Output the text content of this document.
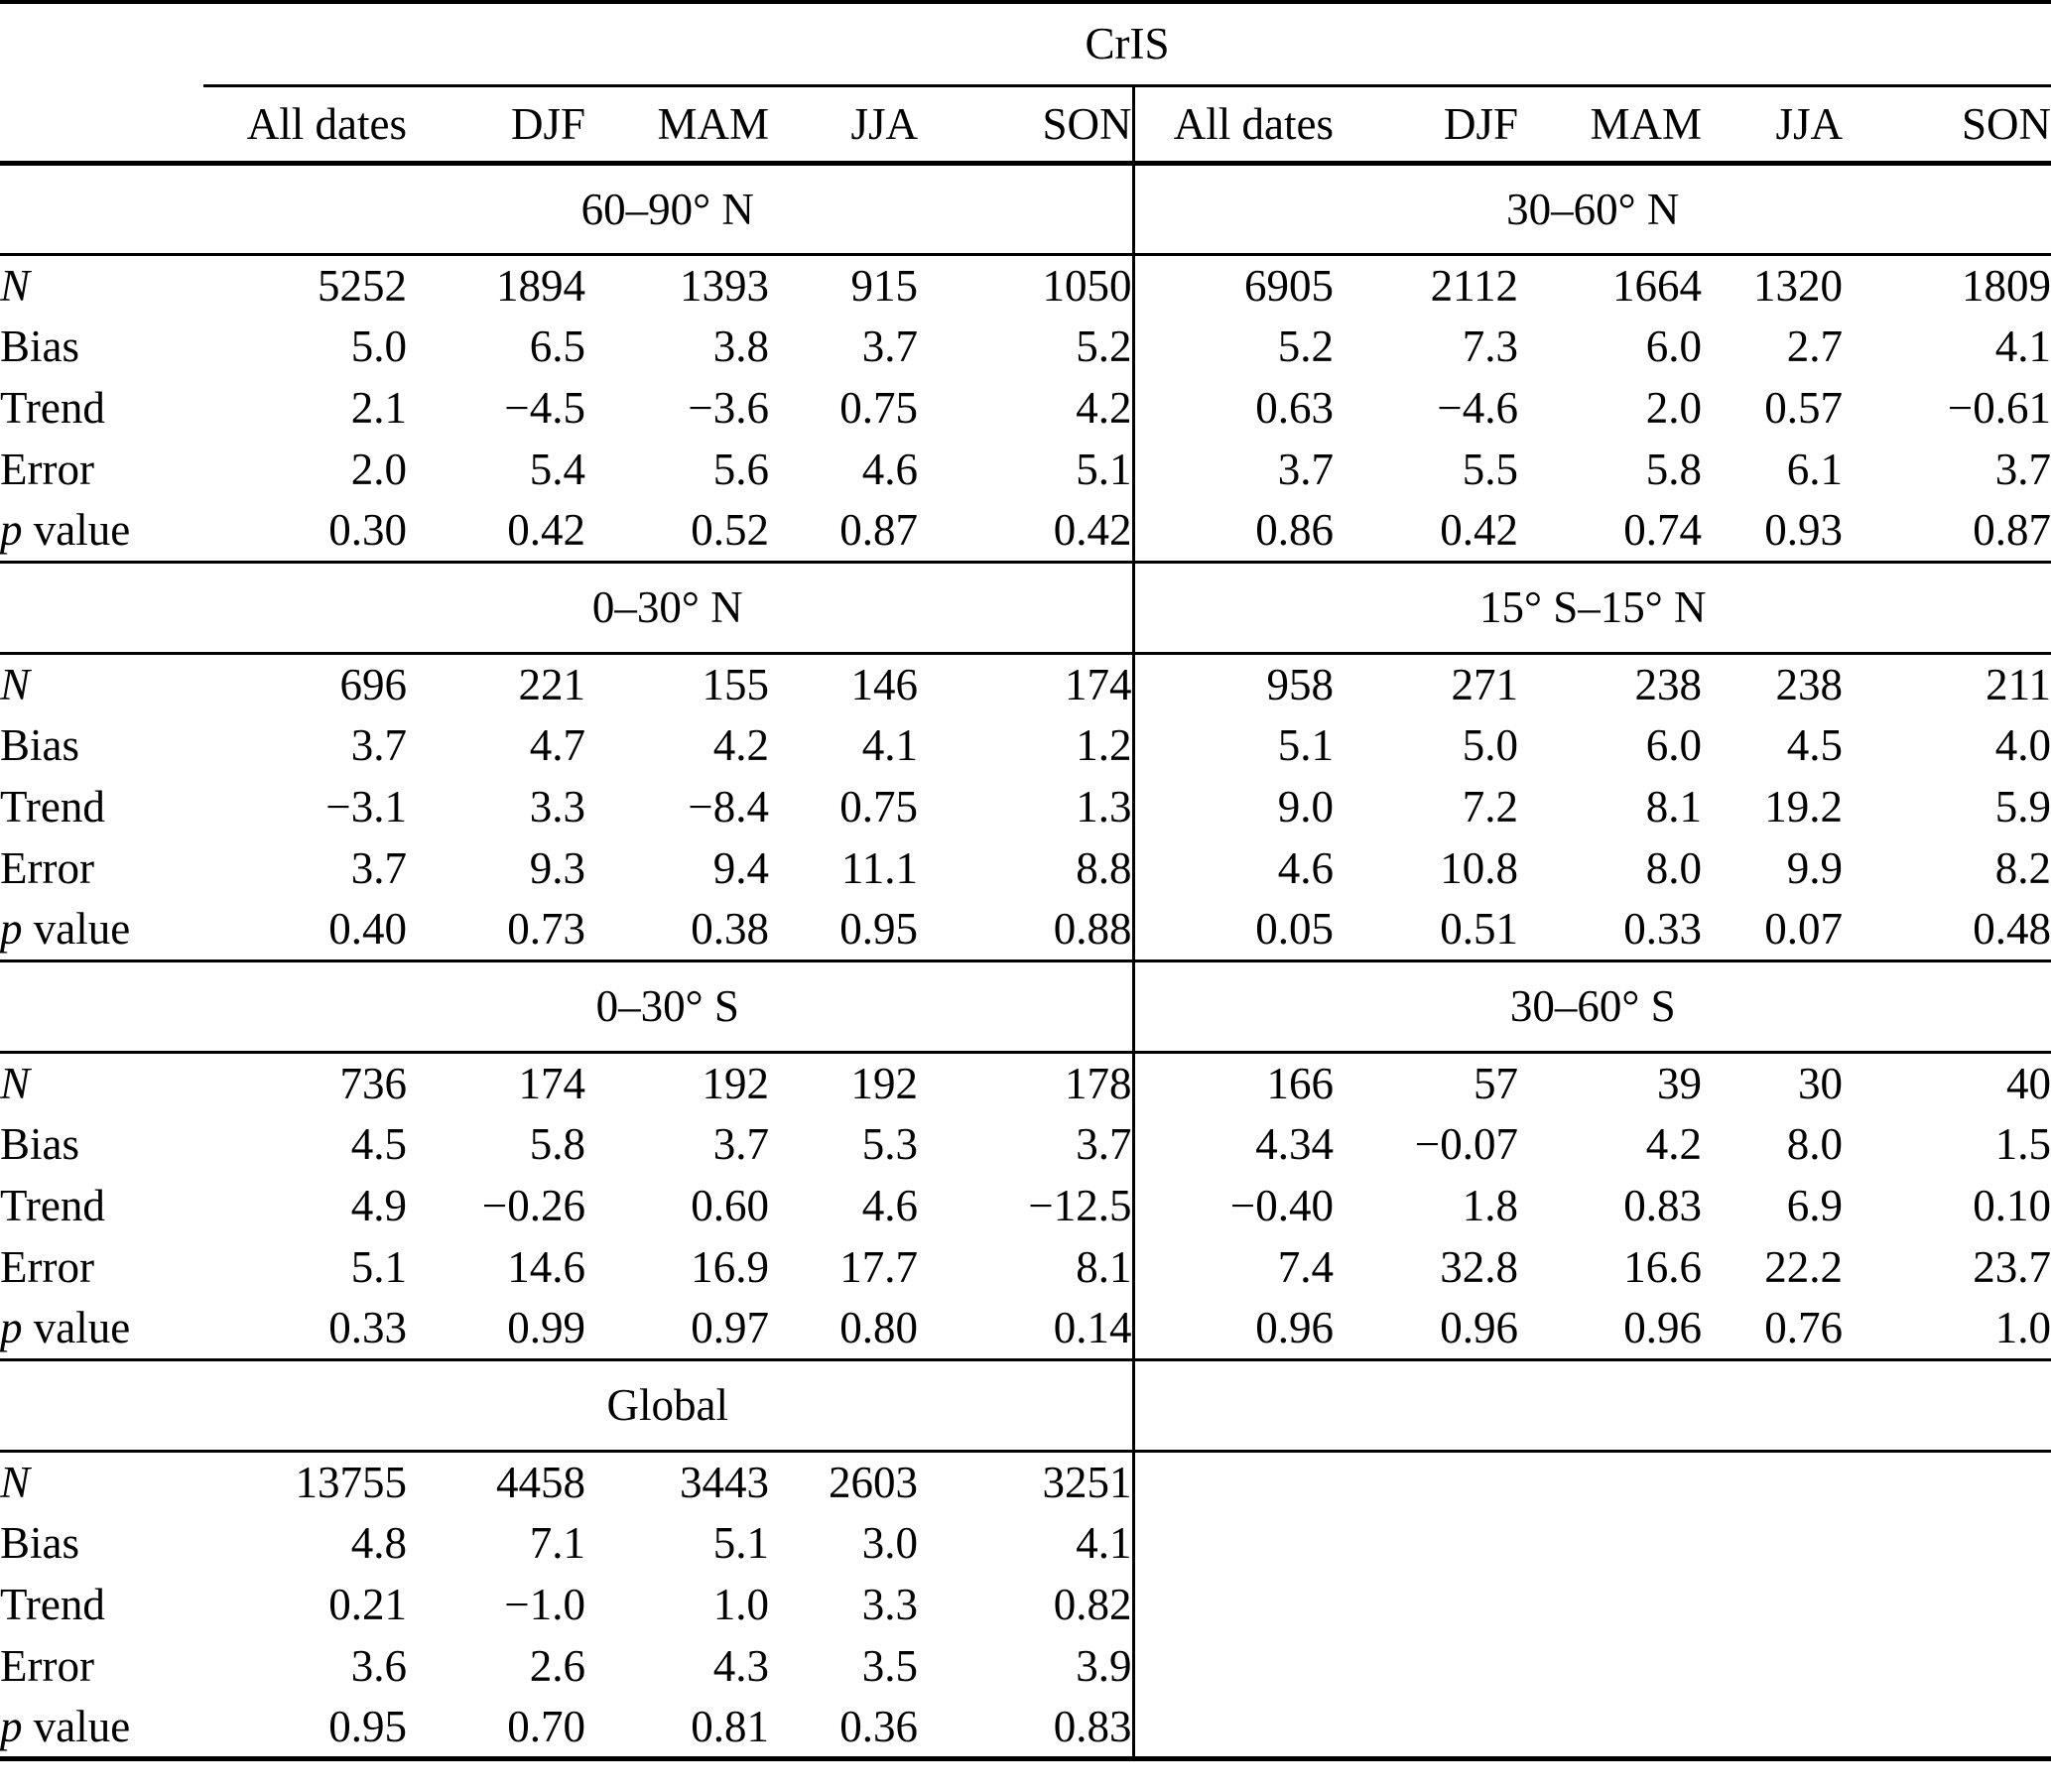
	CrIS									
	All dates	DJF	MAM	JJA	SON	All dates	DJF	MAM	JJA	SON
	60–90° N					30–60° N				
N	5252	1894	1393	915	1050	6905	2112	1664	1320	1809
Bias	5.0	6.5	3.8	3.7	5.2	5.2	7.3	6.0	2.7	4.1
Trend	2.1	−4.5	−3.6	0.75	4.2	0.63	−4.6	2.0	0.57	−0.61
Error	2.0	5.4	5.6	4.6	5.1	3.7	5.5	5.8	6.1	3.7
p value	0.30	0.42	0.52	0.87	0.42	0.86	0.42	0.74	0.93	0.87
	0–30° N					15° S–15° N				
N	696	221	155	146	174	958	271	238	238	211
Bias	3.7	4.7	4.2	4.1	1.2	5.1	5.0	6.0	4.5	4.0
Trend	−3.1	3.3	−8.4	0.75	1.3	9.0	7.2	8.1	19.2	5.9
Error	3.7	9.3	9.4	11.1	8.8	4.6	10.8	8.0	9.9	8.2
p value	0.40	0.73	0.38	0.95	0.88	0.05	0.51	0.33	0.07	0.48
	0–30° S					30–60° S				
N	736	174	192	192	178	166	57	39	30	40
Bias	4.5	5.8	3.7	5.3	3.7	4.34	−0.07	4.2	8.0	1.5
Trend	4.9	−0.26	0.60	4.6	−12.5	−0.40	1.8	0.83	6.9	0.10
Error	5.1	14.6	16.9	17.7	8.1	7.4	32.8	16.6	22.2	23.7
p value	0.33	0.99	0.97	0.80	0.14	0.96	0.96	0.96	0.76	1.0
	Global									
N	13755	4458	3443	2603	3251					
Bias	4.8	7.1	5.1	3.0	4.1					
Trend	0.21	−1.0	1.0	3.3	0.82					
Error	3.6	2.6	4.3	3.5	3.9					
p value	0.95	0.70	0.81	0.36	0.83					
